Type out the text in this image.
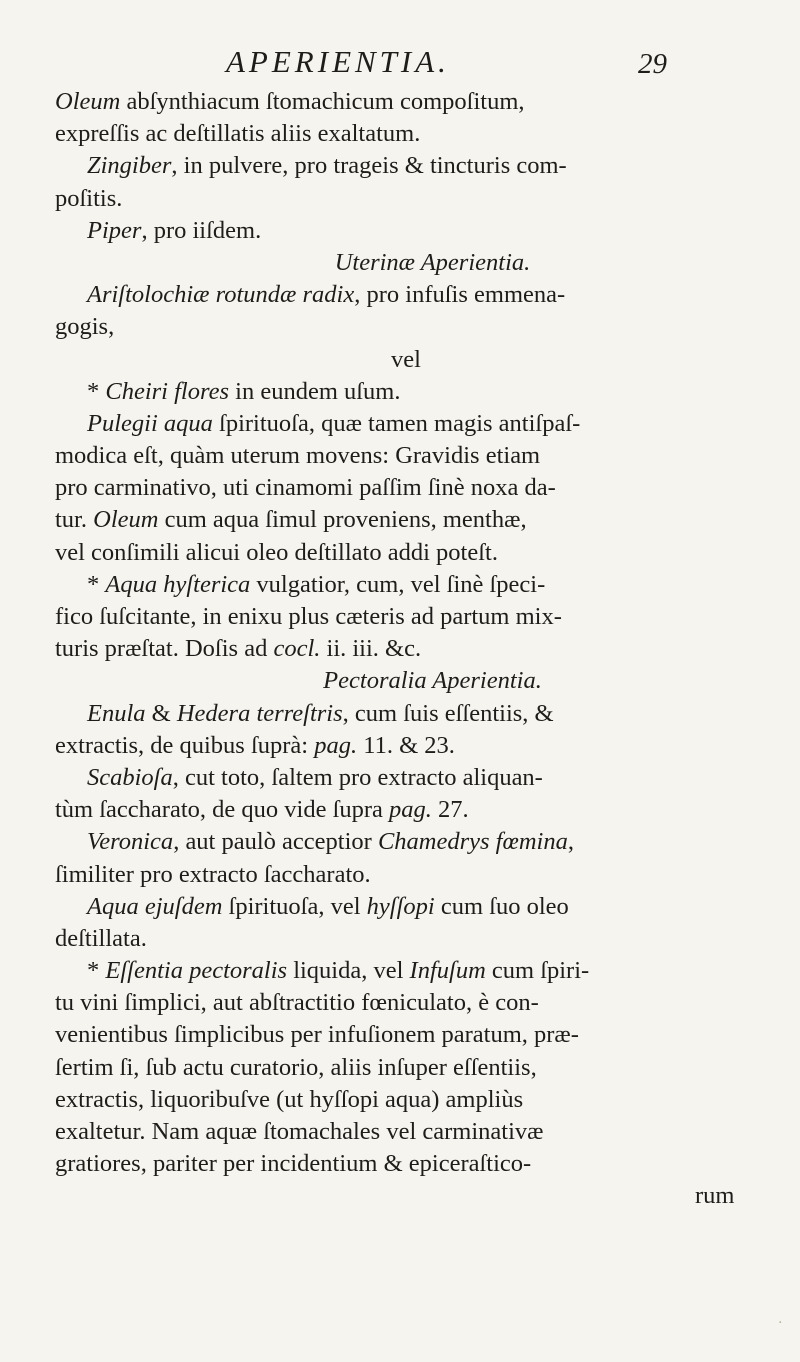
APERIENTIA.	29
Oleum abſynthiacum ſtomachicum compoſitum,
expreſſis ac deſtillatis aliis exaltatum.
Zingiber, in pulvere, pro trageis & tincturis com-
poſitis.
Piper, pro iiſdem.
Uterinæ Aperientia.
Ariſtolochiæ rotundæ radix, pro infuſis emmena-
gogis,
vel
* Cheiri flores in eundem uſum.
Pulegii aqua ſpirituoſa, quæ tamen magis antiſpaſ-
modica eſt, quàm uterum movens: Gravidis etiam
pro carminativo, uti cinamomi paſſim ſinè noxa da-
tur. Oleum cum aqua ſimul proveniens, menthæ,
vel conſimili alicui oleo deſtillato addi poteſt.
* Aqua hyſterica vulgatior, cum, vel ſinè ſpeci-
fico ſuſcitante, in enixu plus cæteris ad partum mix-
turis præſtat. Doſis ad cocl. ii. iii. &c.
Pectoralia Aperientia.
Enula & Hedera terreſtris, cum ſuis eſſentiis, &
extractis, de quibus ſuprà: pag. 11. & 23.
Scabioſa, cut toto, ſaltem pro extracto aliquan-
tùm ſaccharato, de quo vide ſupra pag. 27.
Veronica, aut paulò acceptior Chamedrys fœmina,
ſimiliter pro extracto ſaccharato.
Aqua ejuſdem ſpirituoſa, vel hyſſopi cum ſuo oleo
deſtillata.
* Eſſentia pectoralis liquida, vel Infuſum cum ſpiri-
tu vini ſimplici, aut abſtractitio fœniculato, è con-
venientibus ſimplicibus per infuſionem paratum, præ-
ſertim ſi, ſub actu curatorio, aliis inſuper eſſentiis,
extractis, liquoribuſve (ut hyſſopi aqua) ampliùs
exaltetur. Nam aquæ ſtomachales vel carminativæ
gratiores, pariter per incidentium & epiceraſtico-
rum
·
